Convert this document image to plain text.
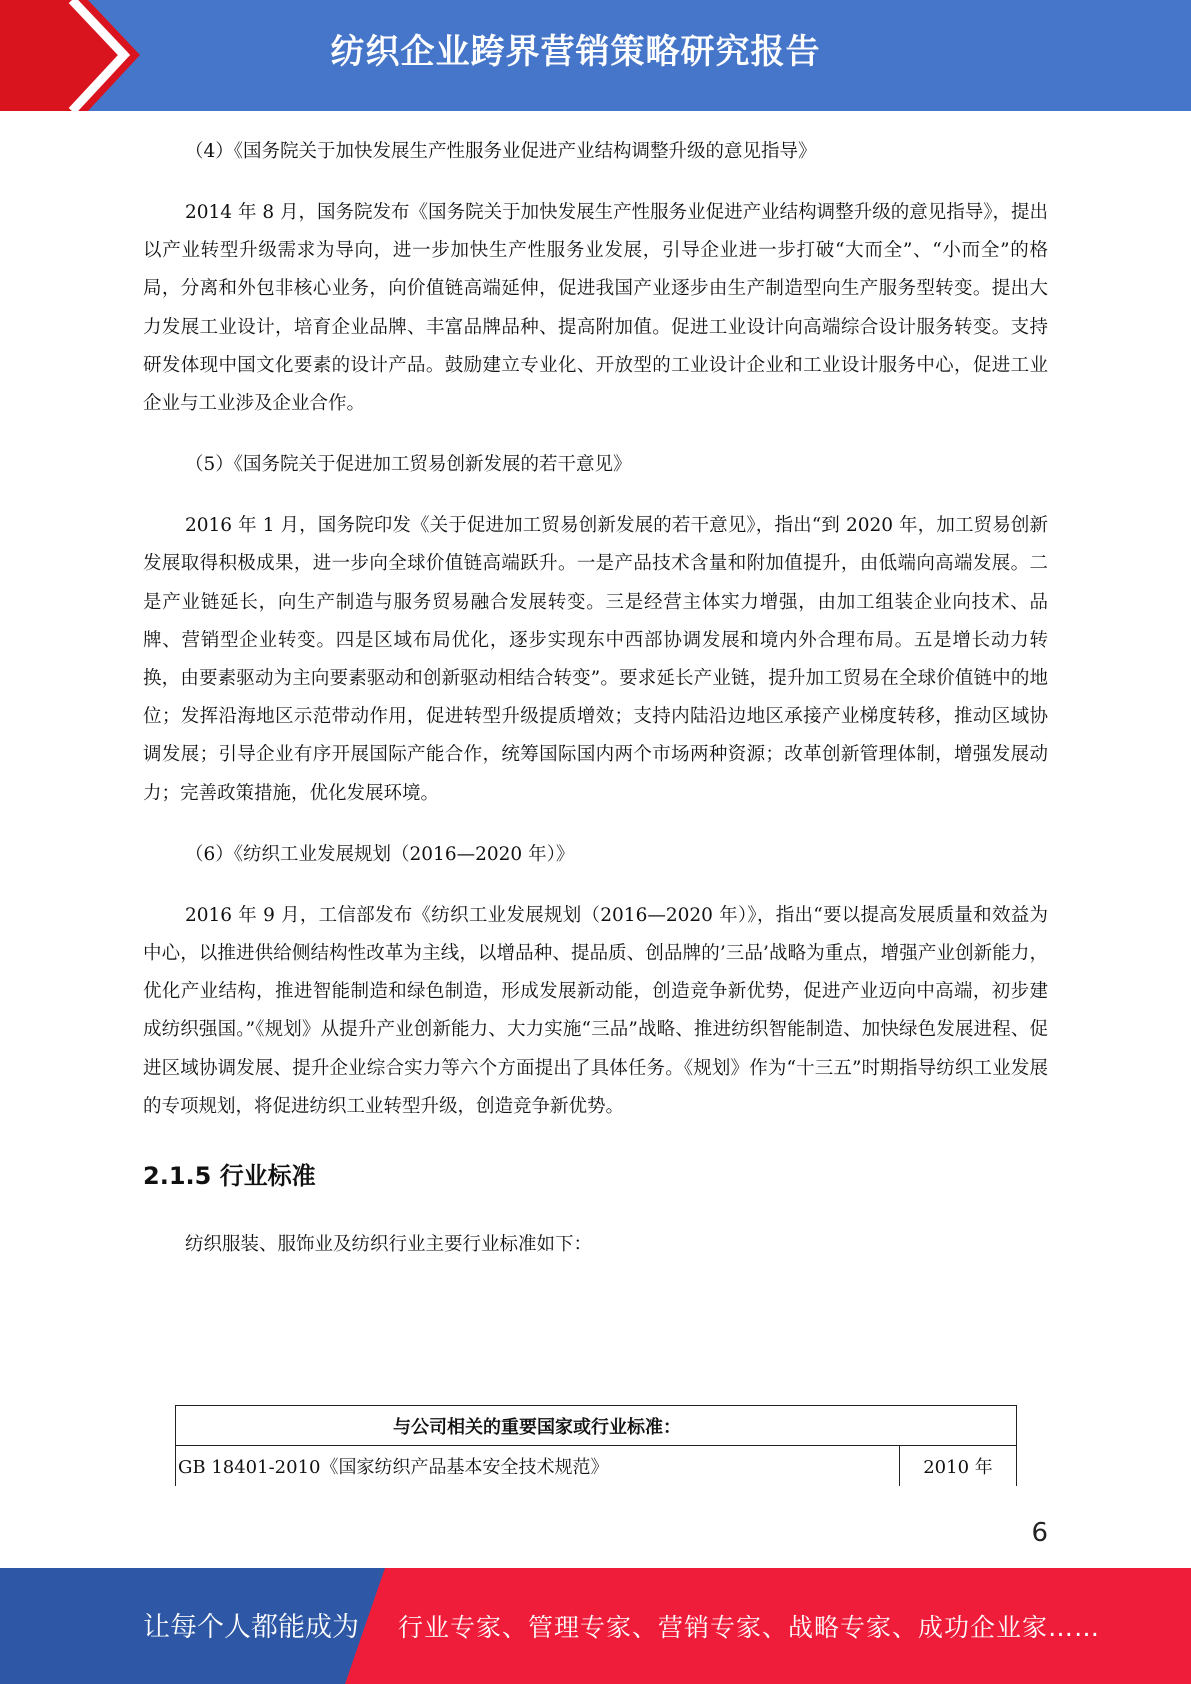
纺织企业跨界营销策略研究报告

（4）《国务院关于加快发展生产性服务业促进产业结构调整升级的意见指导》

2014 年 8 月，国务院发布《国务院关于加快发展生产性服务业促进产业结构调整升级的意见指导》，提出以产业转型升级需求为导向，进一步加快生产性服务业发展，引导企业进一步打破“大而全”、“小而全”的格局，分离和外包非核心业务，向价值链高端延伸，促进我国产业逐步由生产制造型向生产服务型转变。提出大力发展工业设计，培育企业品牌、丰富品牌品种、提高附加值。促进工业设计向高端综合设计服务转变。支持研发体现中国文化要素的设计产品。鼓励建立专业化、开放型的工业设计企业和工业设计服务中心，促进工业企业与工业涉及企业合作。

（5）《国务院关于促进加工贸易创新发展的若干意见》

2016 年 1 月，国务院印发《关于促进加工贸易创新发展的若干意见》，指出“到 2020 年，加工贸易创新发展取得积极成果，进一步向全球价值链高端跃升。一是产品技术含量和附加值提升，由低端向高端发展。二是产业链延长，向生产制造与服务贸易融合发展转变。三是经营主体实力增强，由加工组装企业向技术、品牌、营销型企业转变。四是区域布局优化，逐步实现东中西部协调发展和境内外合理布局。五是增长动力转换，由要素驱动为主向要素驱动和创新驱动相结合转变”。要求延长产业链，提升加工贸易在全球价值链中的地位；发挥沿海地区示范带动作用，促进转型升级提质增效；支持内陆沿边地区承接产业梯度转移，推动区域协调发展；引导企业有序开展国际产能合作，统筹国际国内两个市场两种资源；改革创新管理体制，增强发展动力；完善政策措施，优化发展环境。

（6）《纺织工业发展规划（2016—2020 年）》

2016 年 9 月，工信部发布《纺织工业发展规划（2016—2020 年）》，指出“要以提高发展质量和效益为中心，以推进供给侧结构性改革为主线，以增品种、提品质、创品牌的’三品’战略为重点，增强产业创新能力，优化产业结构，推进智能制造和绿色制造，形成发展新动能，创造竞争新优势，促进产业迈向中高端，初步建成纺织强国。”《规划》从提升产业创新能力、大力实施“三品”战略、推进纺织智能制造、加快绿色发展进程、促进区域协调发展、提升企业综合实力等六个方面提出了具体任务。《规划》作为“十三五”时期指导纺织工业发展的专项规划，将促进纺织工业转型升级，创造竞争新优势。

2.1.5 行业标准

纺织服装、服饰业及纺织行业主要行业标准如下：

与公司相关的重要国家或行业标准：
GB 18401-2010《国家纺织产品基本安全技术规范》	2010 年
6
让每个人都能成为 行业专家、管理专家、营销专家、战略专家、成功企业家……
